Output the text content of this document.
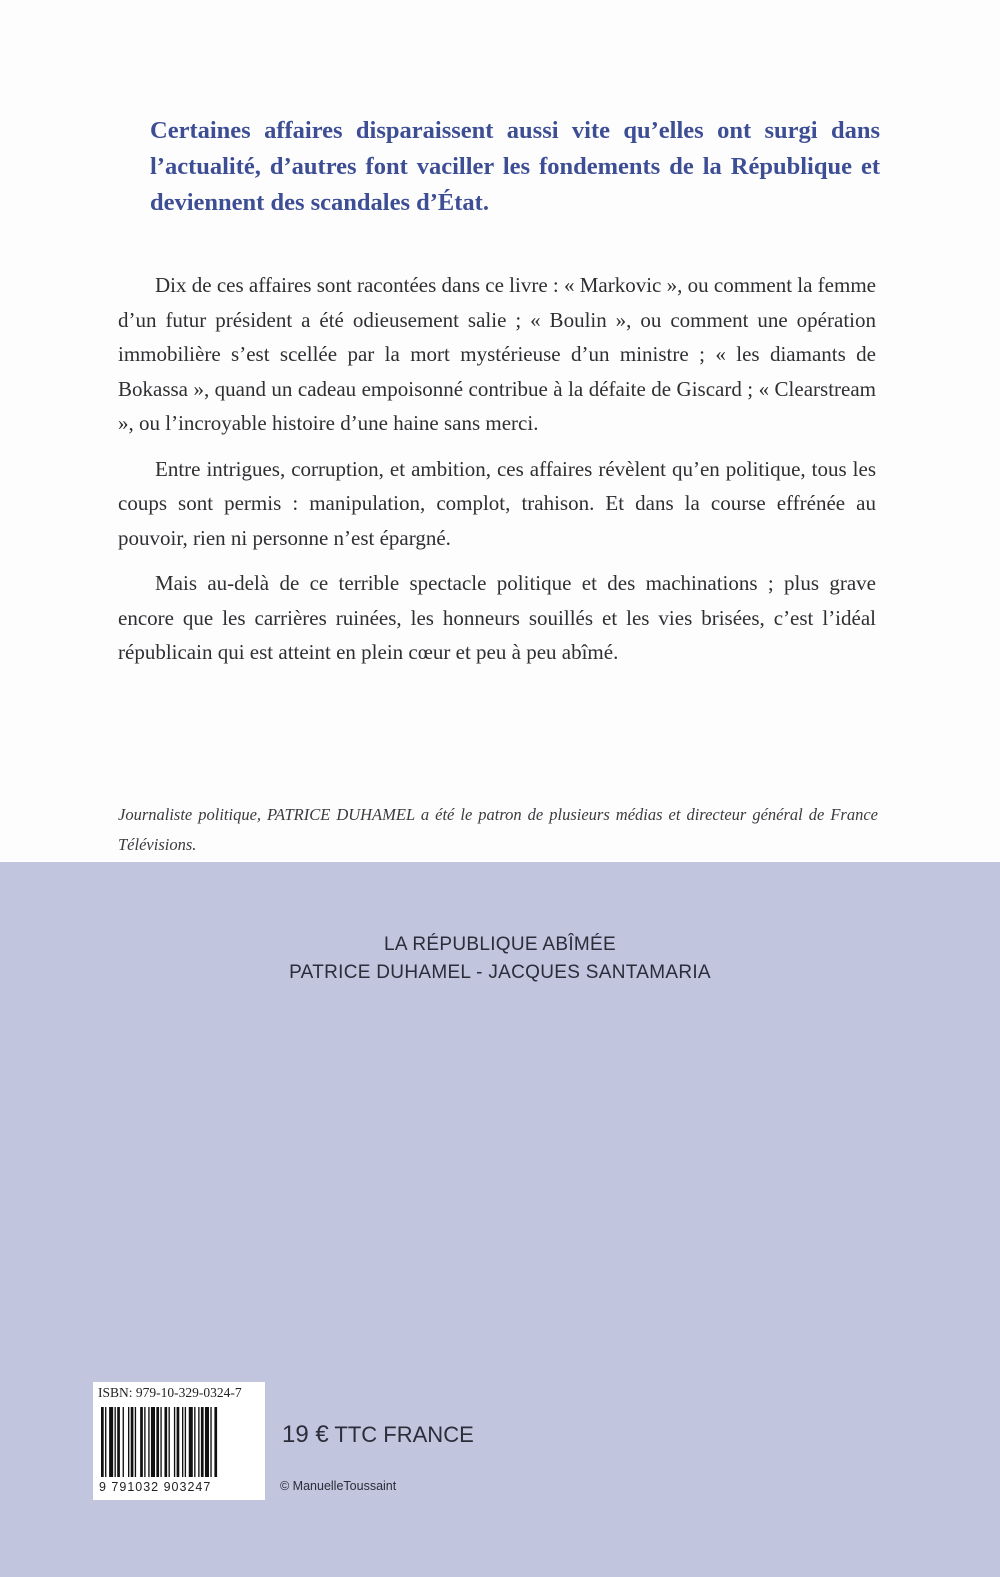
Certaines affaires disparaissent aussi vite qu’elles ont surgi dans l’actualité, d’autres font vaciller les fondements de la République et deviennent des scandales d’État.

Dix de ces affaires sont racontées dans ce livre : « Markovic », ou comment la femme d’un futur président a été odieusement salie ; « Boulin », ou comment une opération immobilière s’est scellée par la mort mystérieuse d’un ministre ; « les diamants de Bokassa », quand un cadeau empoisonné contribue à la défaite de Giscard ; « Clearstream », ou l’incroyable histoire d’une haine sans merci.

Entre intrigues, corruption, et ambition, ces affaires révèlent qu’en politique, tous les coups sont permis : manipulation, complot, trahison. Et dans la course effrénée au pouvoir, rien ni personne n’est épargné.

Mais au-delà de ce terrible spectacle politique et des machinations ; plus grave encore que les carrières ruinées, les honneurs souillés et les vies brisées, c’est l’idéal républicain qui est atteint en plein cœur et peu à peu abîmé.

Journaliste politique, PATRICE DUHAMEL a été le patron de plusieurs médias et directeur général de France Télévisions.

LA RÉPUBLIQUE ABÎMÉE
PATRICE DUHAMEL - JACQUES SANTAMARIA
ISBN: 979-10-329-0324-7
9 791032 903247
19 € TTC FRANCE
© ManuelleToussaint
